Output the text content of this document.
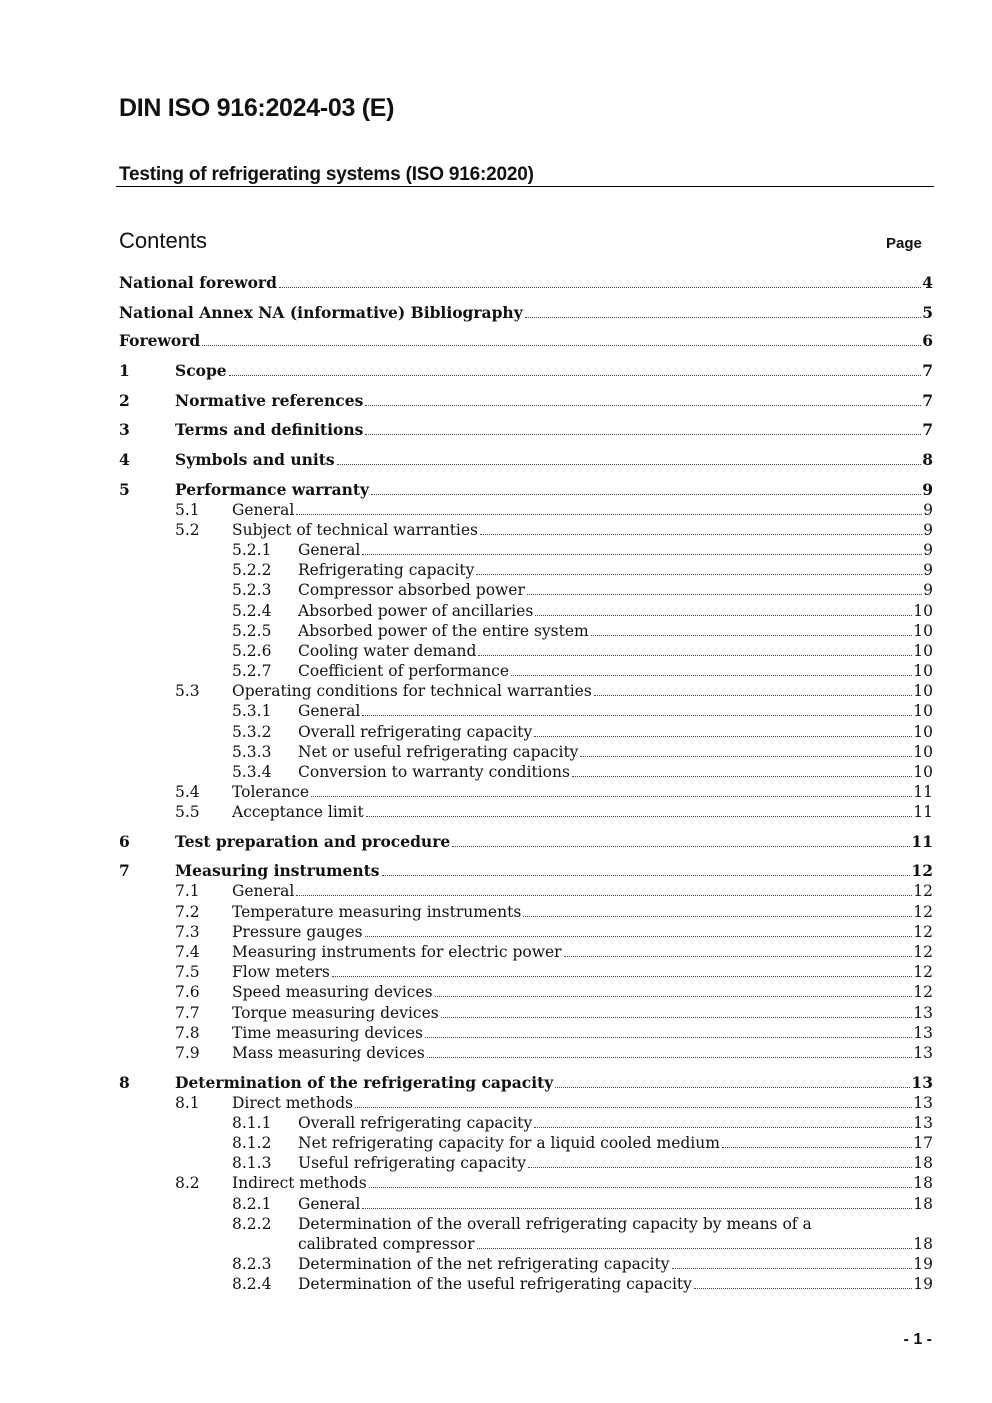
DIN ISO 916:2024-03 (E)
Testing of refrigerating systems (ISO 916:2020)
Contents	Page
National foreword	4
National Annex NA (informative) Bibliography	5
Foreword	6
1	Scope	7
2	Normative references	7
3	Terms and definitions	7
4	Symbols and units	8
5	Performance warranty	9
5.1 General	9
5.2 Subject of technical warranties	9
5.2.1 General	9
5.2.2 Refrigerating capacity	9
5.2.3 Compressor absorbed power	9
5.2.4 Absorbed power of ancillaries	10
5.2.5 Absorbed power of the entire system	10
5.2.6 Cooling water demand	10
5.2.7 Coefficient of performance	10
5.3 Operating conditions for technical warranties	10
5.3.1 General	10
5.3.2 Overall refrigerating capacity	10
5.3.3 Net or useful refrigerating capacity	10
5.3.4 Conversion to warranty conditions	10
5.4 Tolerance	11
5.5 Acceptance limit	11
6	Test preparation and procedure	11
7	Measuring instruments	12
7.1 General	12
7.2 Temperature measuring instruments	12
7.3 Pressure gauges	12
7.4 Measuring instruments for electric power	12
7.5 Flow meters	12
7.6 Speed measuring devices	12
7.7 Torque measuring devices	13
7.8 Time measuring devices	13
7.9 Mass measuring devices	13
8	Determination of the refrigerating capacity	13
8.1 Direct methods	13
8.1.1 Overall refrigerating capacity	13
8.1.2 Net refrigerating capacity for a liquid cooled medium	17
8.1.3 Useful refrigerating capacity	18
8.2 Indirect methods	18
8.2.1 General	18
8.2.2 Determination of the overall refrigerating capacity by means of a
calibrated compressor	18
8.2.3 Determination of the net refrigerating capacity	19
8.2.4 Determination of the useful refrigerating capacity	19
- 1 -
